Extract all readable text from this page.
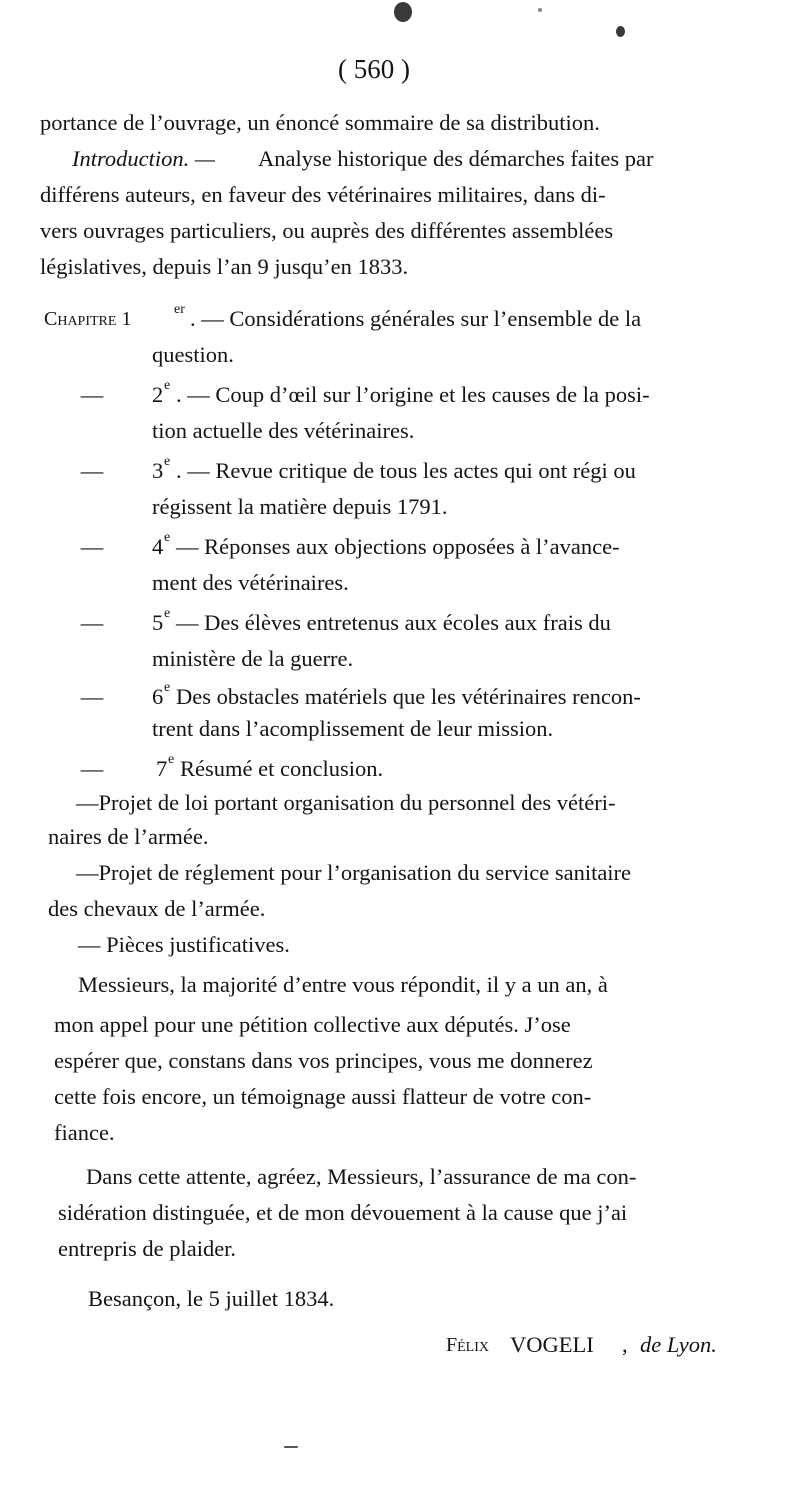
( 560 )
portance de l’ouvrage, un énoncé sommaire de sa distribution.
Introduction. — Analyse historique des démarches faites par
différens auteurs, en faveur des vétérinaires militaires, dans di-
vers ouvrages particuliers, ou auprès des différentes assemblées
législatives, depuis l’an 9 jusqu’en 1833.
Chapitre 1	er . — Considérations générales sur l’ensemble de la
question.
—	2 e . — Coup d’œil sur l’origine et les causes de la posi-
tion actuelle des vétérinaires.
—	3 e . — Revue critique de tous les actes qui ont régi ou
régissent la matière depuis 1791.
—	4 e — Réponses aux objections opposées à l’avance-
ment des vétérinaires.
—	5 e — Des élèves entretenus aux écoles aux frais du
ministère de la guerre.
—	6 e Des obstacles matériels que les vétérinaires rencon-
trent dans l’acomplissement de leur mission.
—	7 e Résumé et conclusion.
—Projet de loi portant organisation du personnel des vétéri-
naires de l’armée.
—Projet de réglement pour l’organisation du service sanitaire
des chevaux de l’armée.
— Pièces justificatives.
Messieurs, la majorité d’entre vous répondit, il y a un an, à
mon appel pour une pétition collective aux députés. J’ose
espérer que, constans dans vos principes, vous me donnerez
cette fois encore, un témoignage aussi flatteur de votre con-
fiance.
Dans cette attente, agréez, Messieurs, l’assurance de ma con-
sidération distinguée, et de mon dévouement à la cause que j’ai
entrepris de plaider.
Besançon, le 5 juillet 1834.
Félix VOGELI , de Lyon.
